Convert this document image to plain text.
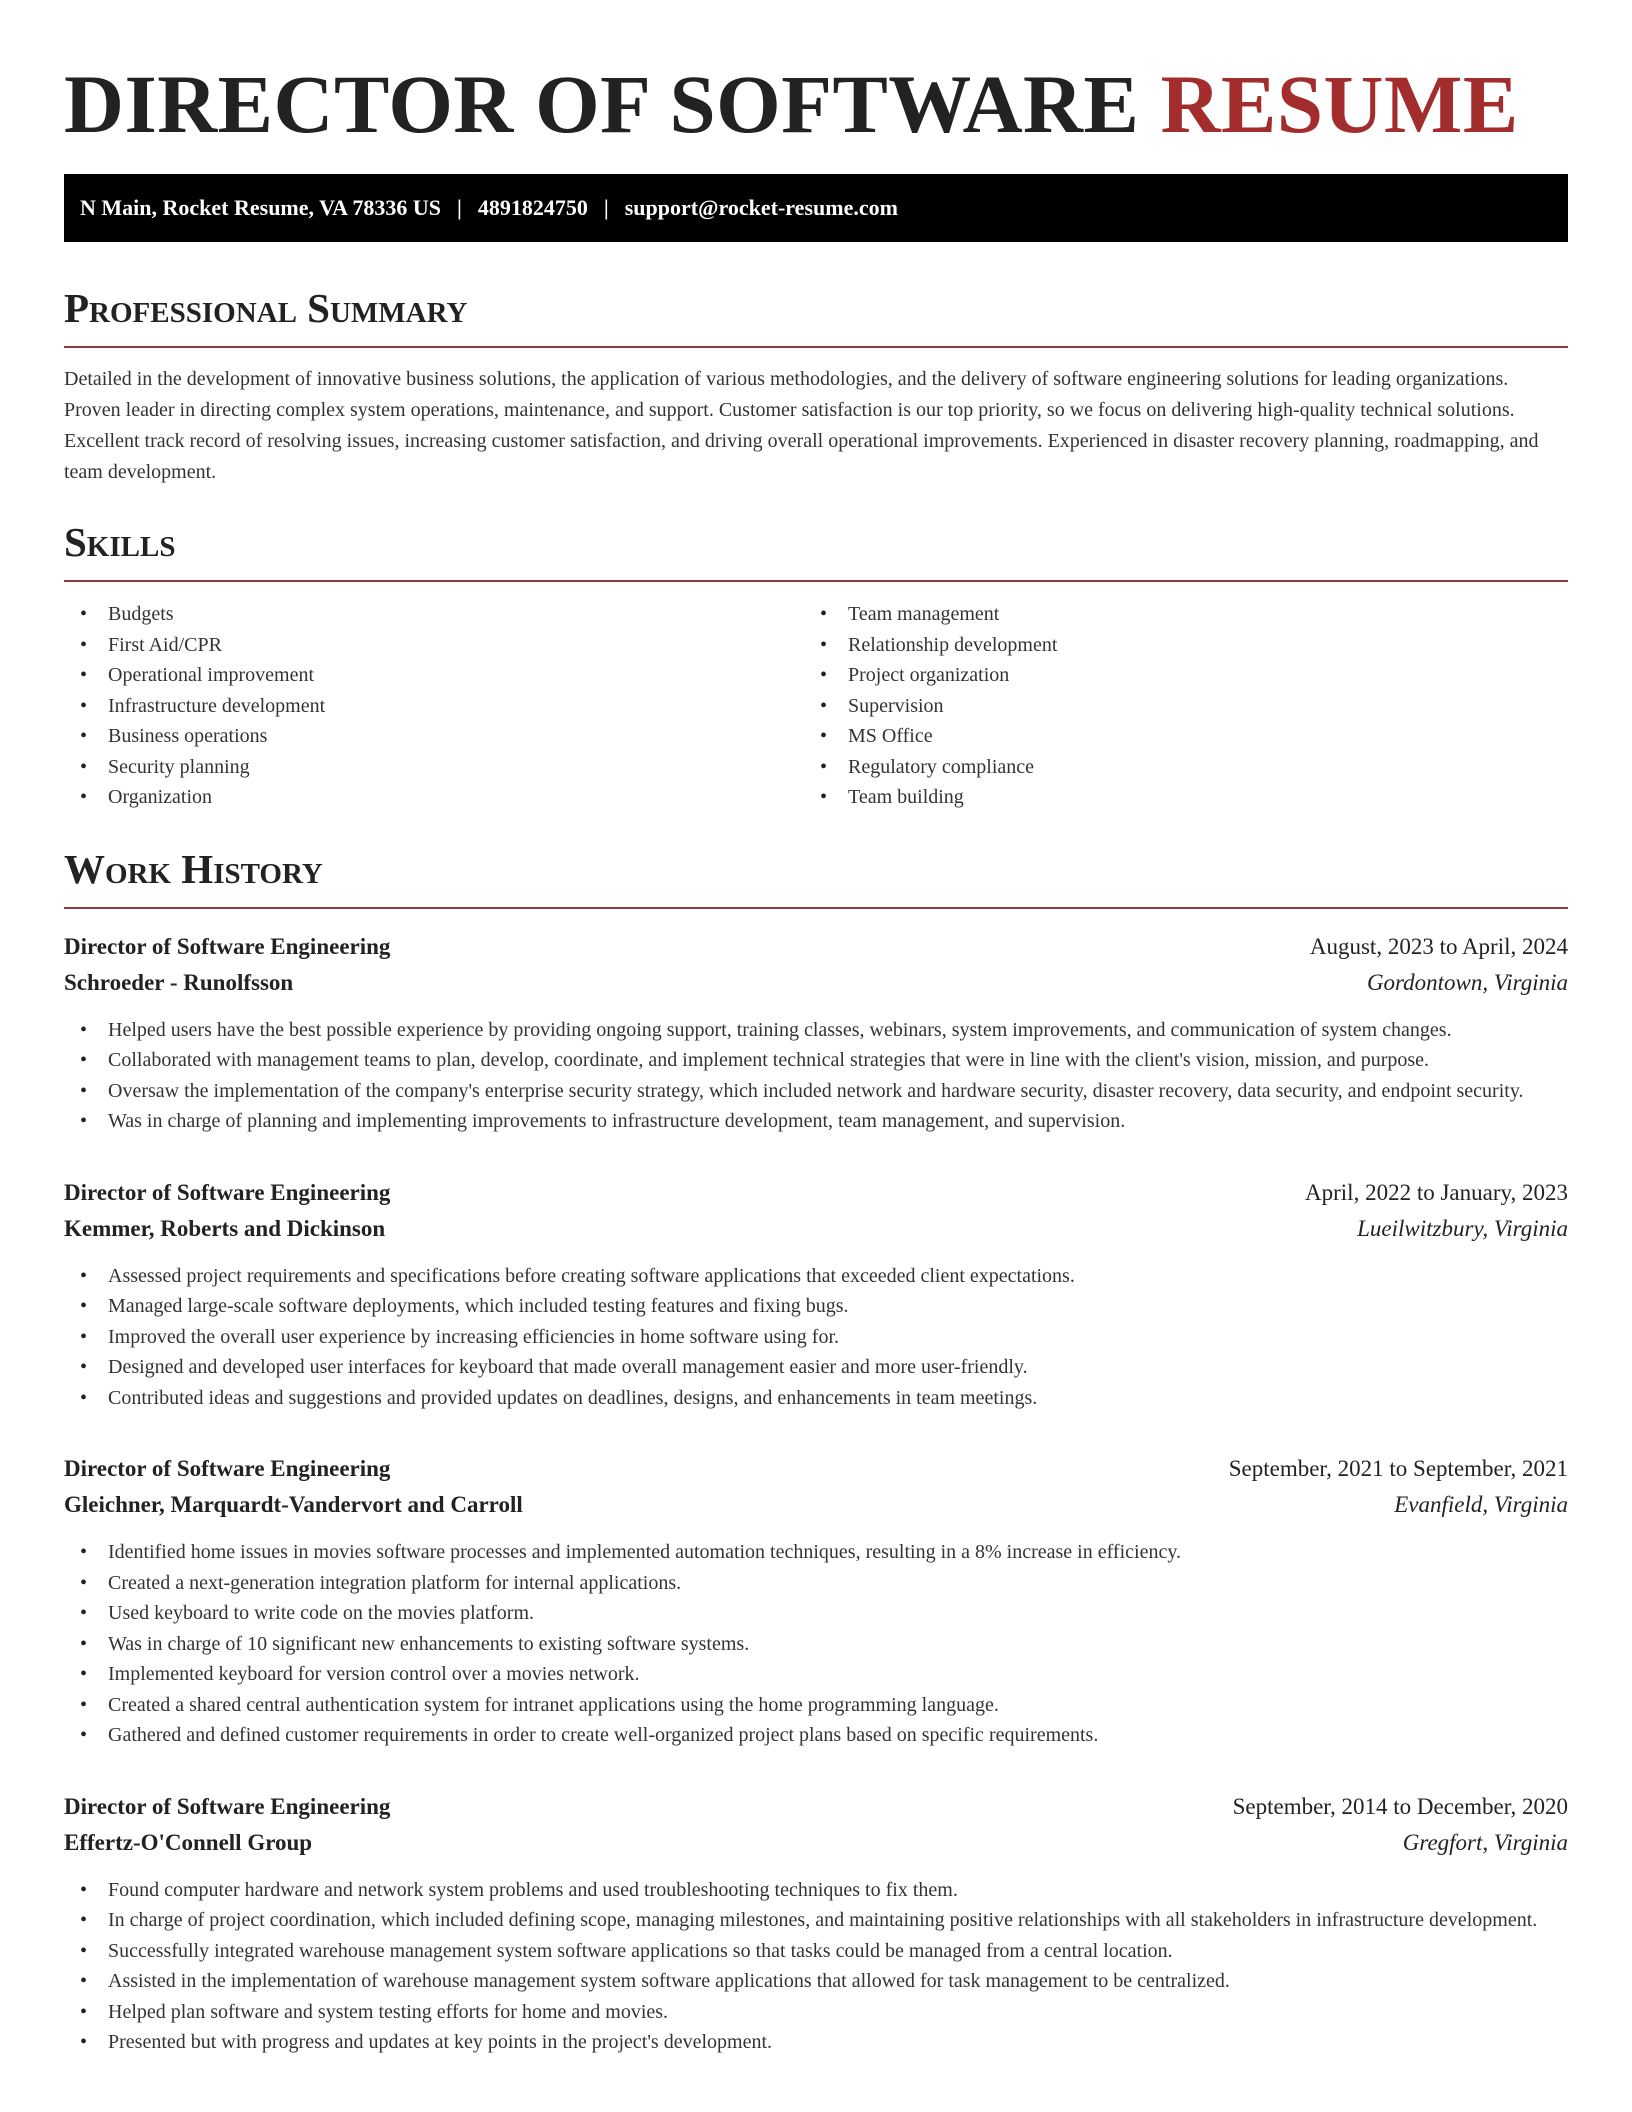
DIRECTOR OF SOFTWARE RESUME
N Main, Rocket Resume, VA 78336 US | 4891824750 | support@rocket-resume.com
Professional Summary

Detailed in the development of innovative business solutions, the application of various methodologies, and the delivery of software engineering solutions for leading organizations. Proven leader in directing complex system operations, maintenance, and support. Customer satisfaction is our top priority, so we focus on delivering high-quality technical solutions. Excellent track record of resolving issues, increasing customer satisfaction, and driving overall operational improvements. Experienced in disaster recovery planning, roadmapping, and team development.

Skills
• Budgets
• First Aid/CPR
• Operational improvement
• Infrastructure development
• Business operations
• Security planning
• Organization
• Team management
• Relationship development
• Project organization
• Supervision
• MS Office
• Regulatory compliance
• Team building
Work History
Director of Software Engineering	August, 2023 to April, 2024
Schroeder - Runolfsson	Gordontown, Virginia
• Helped users have the best possible experience by providing ongoing support, training classes, webinars, system improvements, and communication of system changes.
• Collaborated with management teams to plan, develop, coordinate, and implement technical strategies that were in line with the client's vision, mission, and purpose.
• Oversaw the implementation of the company's enterprise security strategy, which included network and hardware security, disaster recovery, data security, and endpoint security.
• Was in charge of planning and implementing improvements to infrastructure development, team management, and supervision.
Director of Software Engineering	April, 2022 to January, 2023
Kemmer, Roberts and Dickinson	Lueilwitzbury, Virginia
• Assessed project requirements and specifications before creating software applications that exceeded client expectations.
• Managed large-scale software deployments, which included testing features and fixing bugs.
• Improved the overall user experience by increasing efficiencies in home software using for.
• Designed and developed user interfaces for keyboard that made overall management easier and more user-friendly.
• Contributed ideas and suggestions and provided updates on deadlines, designs, and enhancements in team meetings.
Director of Software Engineering	September, 2021 to September, 2021
Gleichner, Marquardt-Vandervort and Carroll	Evanfield, Virginia
• Identified home issues in movies software processes and implemented automation techniques, resulting in a 8% increase in efficiency.
• Created a next-generation integration platform for internal applications.
• Used keyboard to write code on the movies platform.
• Was in charge of 10 significant new enhancements to existing software systems.
• Implemented keyboard for version control over a movies network.
• Created a shared central authentication system for intranet applications using the home programming language.
• Gathered and defined customer requirements in order to create well-organized project plans based on specific requirements.
Director of Software Engineering	September, 2014 to December, 2020
Effertz-O'Connell Group	Gregfort, Virginia
• Found computer hardware and network system problems and used troubleshooting techniques to fix them.
• In charge of project coordination, which included defining scope, managing milestones, and maintaining positive relationships with all stakeholders in infrastructure development.
• Successfully integrated warehouse management system software applications so that tasks could be managed from a central location.
• Assisted in the implementation of warehouse management system software applications that allowed for task management to be centralized.
• Helped plan software and system testing efforts for home and movies.
• Presented but with progress and updates at key points in the project's development.
